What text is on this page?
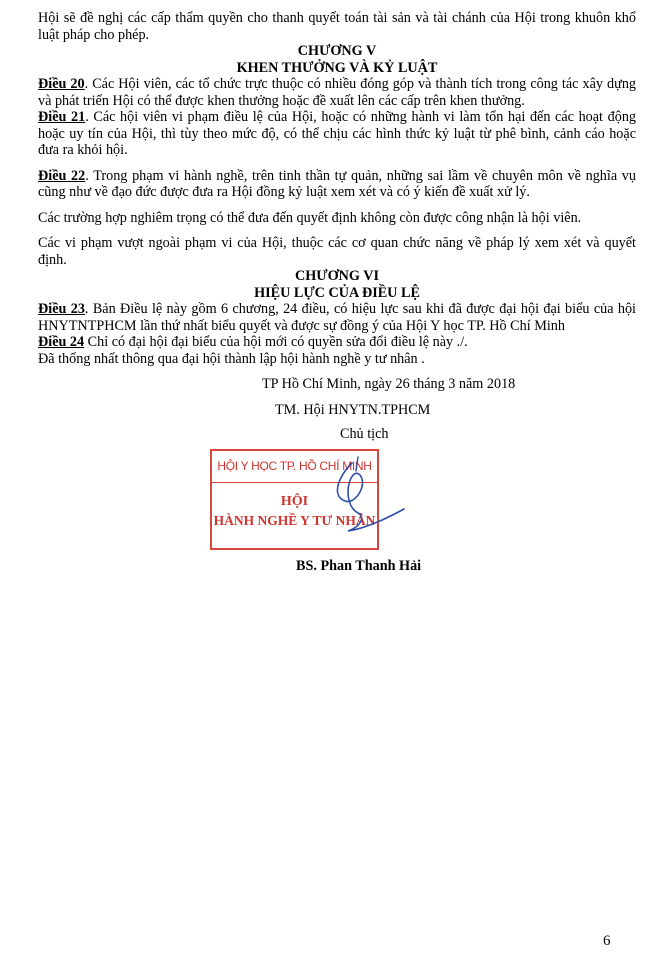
Hội sẽ đề nghị các cấp thẩm quyền cho thanh quyết toán tài sản và tài chánh của Hội trong khuôn khổ luật pháp cho phép.

CHƯƠNG V

KHEN THƯỞNG VÀ KỶ LUẬT

Điều 20. Các Hội viên, các tổ chức trực thuộc có nhiều đóng góp và thành tích trong công tác xây dựng và phát triển Hội có thể được khen thưởng hoặc đề xuất lên các cấp trên khen thưởng.

Điều 21. Các hội viên vi phạm điều lệ của Hội, hoặc có những hành vi làm tổn hại đến các hoạt động hoặc uy tín của Hội, thì tùy theo mức độ, có thể chịu các hình thức kỷ luật từ phê bình, cảnh cáo hoặc đưa ra khỏi hội.

Điều 22. Trong phạm vi hành nghề, trên tinh thần tự quản, những sai lầm về chuyên môn về nghĩa vụ cũng như về đạo đức được đưa ra Hội đồng kỷ luật xem xét và có ý kiến đề xuất xử lý.

Các trường hợp nghiêm trọng có thể đưa đến quyết định không còn được công nhận là hội viên.

Các vi phạm vượt ngoài phạm vi của Hội, thuộc các cơ quan chức năng về pháp lý xem xét và quyết định.

CHƯƠNG VI

HIỆU LỰC CỦA ĐIỀU LỆ

Điều 23. Bản Điều lệ này gồm 6 chương, 24 điều, có hiệu lực sau khi đã được đại hội đại biểu của hội HNYTNTPHCM lần thứ nhất biểu quyết và được sự đồng ý của Hội Y học TP. Hồ Chí Minh

Điều 24 Chỉ có đại hội đại biểu của hội mới có quyền sửa đổi điều lệ này ./.

Đã thống nhất thông qua đại hội thành lập hội hành nghề y tư nhân .

TP Hồ Chí Minh, ngày 26 tháng 3 năm 2018

TM. Hội HNYTN.TPHCM

Chủ tịch

HỘI Y HỌC TP. HỒ CHÍ MINH
HỘI
HÀNH NGHỀ Y TƯ NHÂN

BS. Phan Thanh Hải

6
